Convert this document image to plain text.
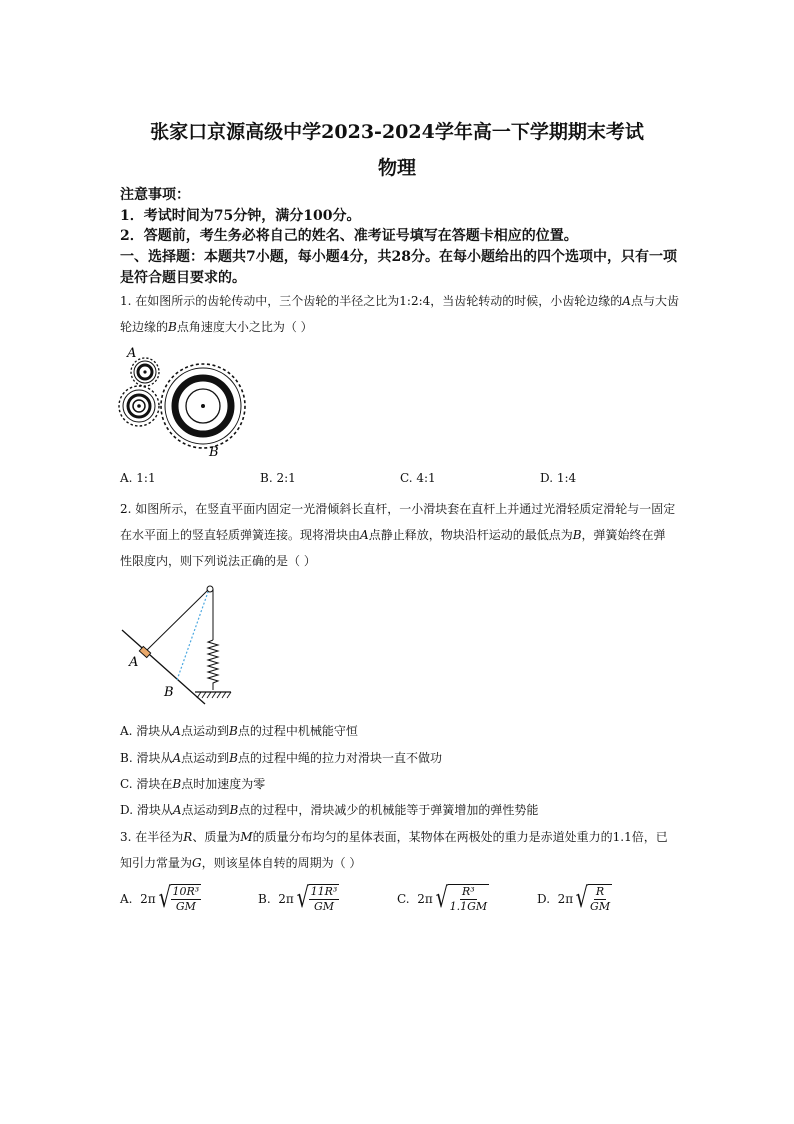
张家口京源高级中学2023-2024学年高一下学期期末考试
物理
注意事项：
1．考试时间为75分钟，满分100分。
2．答题前，考生务必将自己的姓名、准考证号填写在答题卡相应的位置。
一、选择题：本题共7小题，每小题4分，共28分。在每小题给出的四个选项中，只有一项
是符合题目要求的。
1. 在如图所示的齿轮传动中，三个齿轮的半径之比为1:2:4，当齿轮转动的时候，小齿轮边缘的A点与大齿
轮边缘的B点角速度大小之比为（ ）
A
B
A. 1:1	B. 2:1	C. 4:1	D. 1:4
2. 如图所示，在竖直平面内固定一光滑倾斜长直杆，一小滑块套在直杆上并通过光滑轻质定滑轮与一固定
在水平面上的竖直轻质弹簧连接。现将滑块由A点静止释放，物块沿杆运动的最低点为B，弹簧始终在弹
性限度内，则下列说法正确的是（ ）
A
B
A. 滑块从A点运动到B点的过程中机械能守恒
B. 滑块从A点运动到B点的过程中绳的拉力对滑块一直不做功
C. 滑块在B点时加速度为零
D. 滑块从A点运动到B点的过程中，滑块减少的机械能等于弹簧增加的弹性势能
3. 在半径为R、质量为M的质量分布均匀的星体表面，某物体在两极处的重力是赤道处重力的1.1倍，已
知引力常量为G，则该星体自转的周期为（ ）
A.
2π √ $\frac{\text{10R³}}{GM}$	B.
2π √ $\frac{\text{11R³}}{GM}$	C.
2π √ $\frac{\text{R³}}{1.1GM}$	D.
2π √ $\frac{R}{GM}$
